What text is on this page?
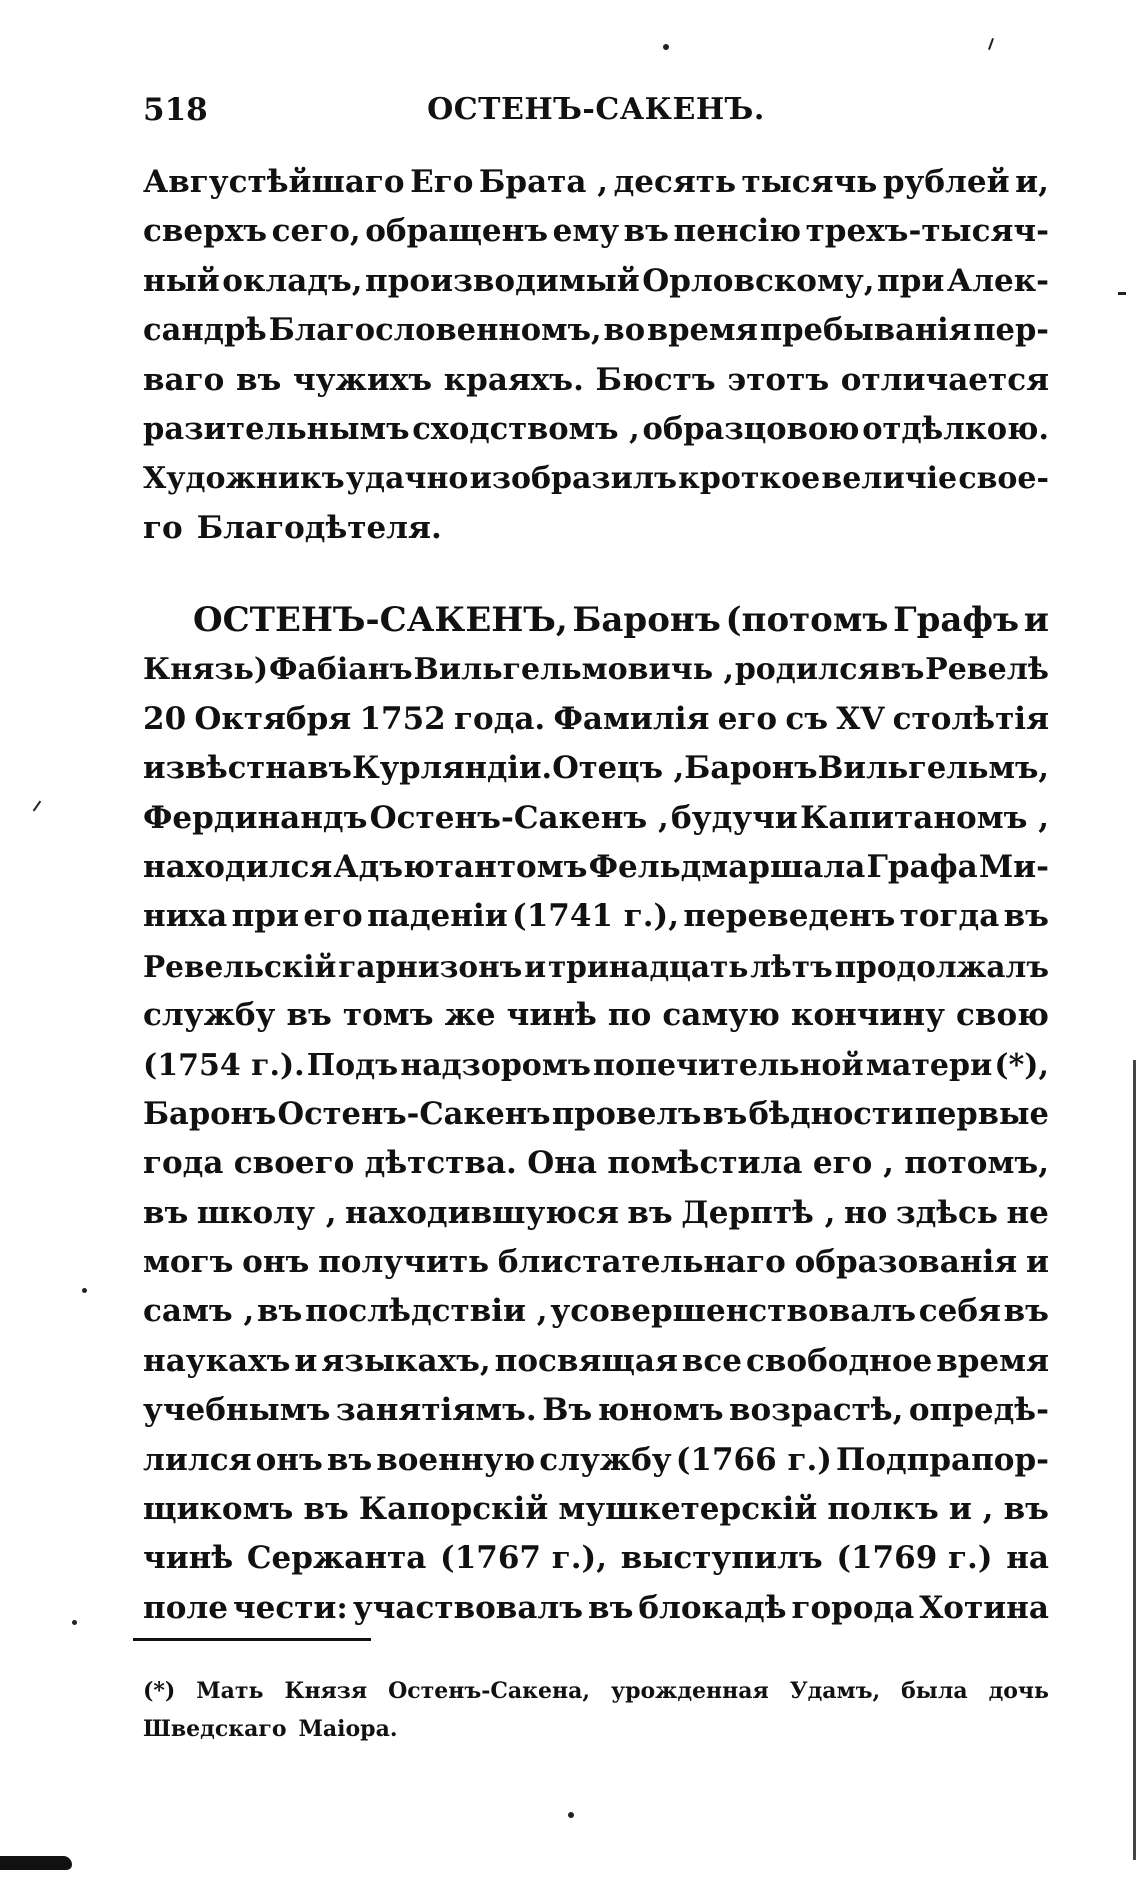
518	ОСТЕНЪ-САКЕНЪ.
Августѣйшаго Его Брата , десять тысячь рублей и,
сверхъ сего, обращенъ ему въ пенсію трехъ-тысяч-
ный окладъ, производимый Орловскому, при Алек-
сандрѣ Благословенномъ, во время пребыванія пер-
ваго въ чужихъ краяхъ. Бюстъ этотъ отличается
разительнымъ сходствомъ , образцовою отдѣлкою.
Художникъ удачно изобразилъ кроткое величіе свое-
го Благодѣтеля.
ОСТЕНЪ-САКЕНЪ, Баронъ (потомъ Графъ и
Князь) Фабіанъ Вильгельмовичь , родился въ Ревелѣ
20 Октября 1752 года. Фамилія его съ XV столѣтія
извѣстна въ Курляндіи. Отецъ , Баронъ Вильгельмъ,
Фердинандъ Остенъ-Сакенъ , будучи Капитаномъ ,
находился Адъютантомъ Фельдмаршала Графа Ми-
ниха при его паденіи (1741 г.), переведенъ тогда въ
Ревельскій гарнизонъ и тринадцать лѣтъ продолжалъ
службу въ томъ же чинѣ по самую кончину свою
(1754 г.). Подъ надзоромъ попечительной матери (*),
Баронъ Остенъ-Сакенъ провелъ въ бѣдности первые
года своего дѣтства. Она помѣстила его , потомъ,
въ школу , находившуюся въ Дерптѣ , но здѣсь не
могъ онъ получить блистательнаго образованія и
самъ , въ послѣдствіи , усовершенствовалъ себя въ
наукахъ и языкахъ, посвящая все свободное время
учебнымъ занятіямъ. Въ юномъ возрастѣ, опредѣ-
лился онъ въ военную службу (1766 г.) Подпрапор-
щикомъ въ Капорскій мушкетерскій полкъ и , въ
чинѣ Сержанта (1767 г.), выступилъ (1769 г.) на
поле чести: участвовалъ въ блокадѣ города Хотина
(*) Мать Князя Остенъ-Сакена, урожденная Удамъ, была дочь
Шведскаго Маіора.
